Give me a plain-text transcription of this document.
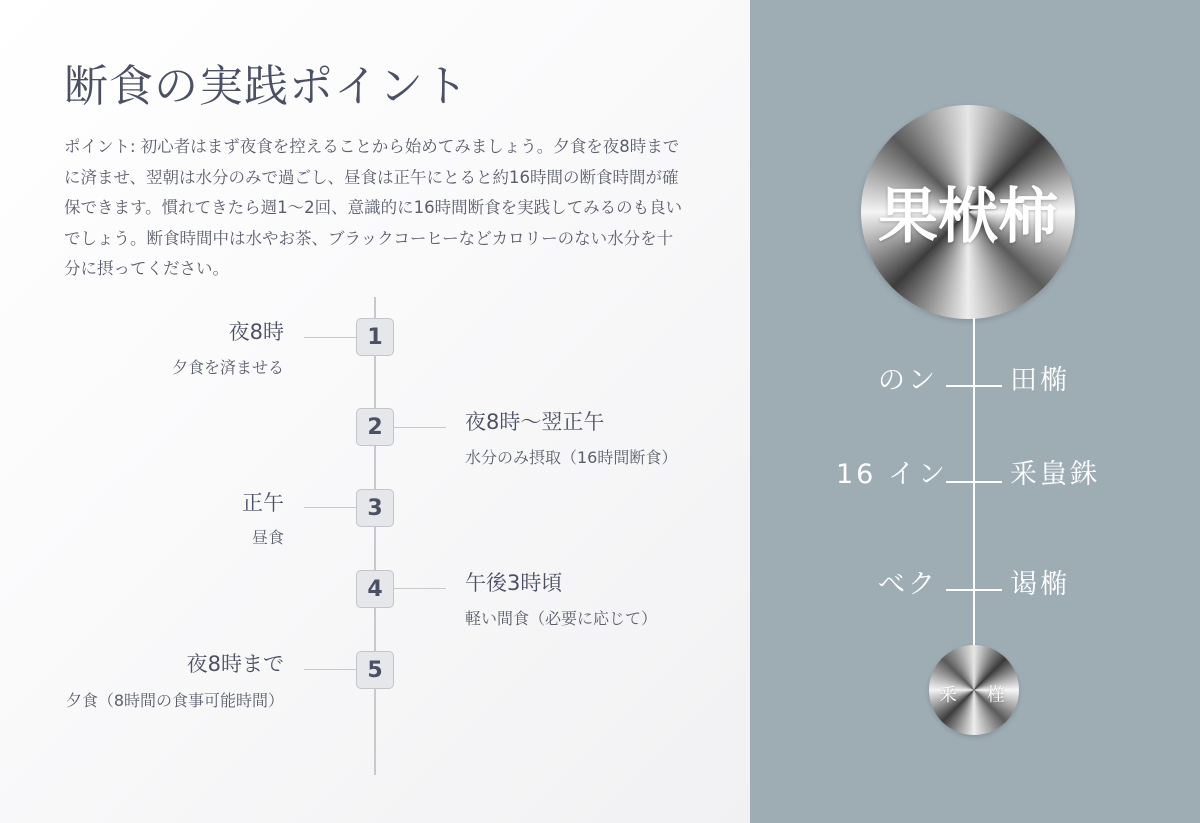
断食の実践ポイント

ポイント: 初心者はまず夜食を控えることから始めてみましょう。夕食を夜8時までに済ませ、翌朝は水分のみで過ごし、昼食は正午にとると約16時間の断食時間が確保できます。慣れてきたら週1〜2回、意識的に16時間断食を実践してみるのも良いでしょう。断食時間中は水やお茶、ブラックコーヒーなどカロリーのない水分を十分に摂ってください。

1
夜8時
夕食を済ませる
2	夜8時〜翌正午
水分のみ摂取（16時間断食）
3
正午
昼食
4	午後3時頃
軽い間食（必要に応じて）
5
夜8時まで
夕食（8時間の食事可能時間）
果栿柿
のン	田椭
16 イン 釆蛗銖
べク	谒椭
釆 樦
